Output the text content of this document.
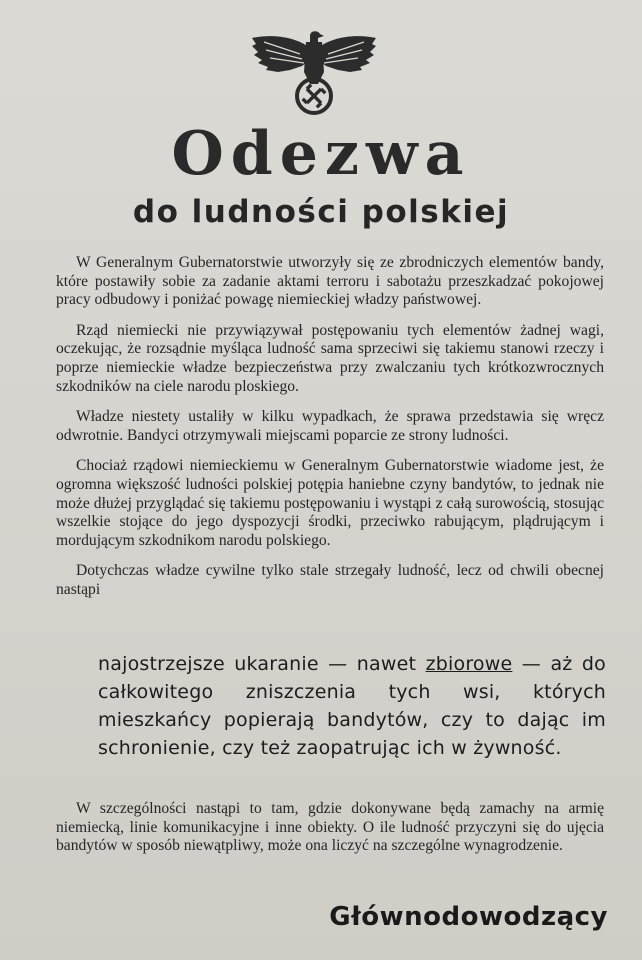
Odezwa
do ludności polskiej

W Generalnym Gubernatorstwie utworzyły się ze zbrodniczych elementów bandy, które postawiły sobie za zadanie aktami terroru i sabotażu przeszkadzać pokojowej pracy odbudowy i poniżać powagę niemieckiej władzy państwowej.

Rząd niemiecki nie przywiązywał postępowaniu tych elementów żadnej wagi, oczekując, że rozsądnie myśląca ludność sama sprzeciwi się takiemu stanowi rzeczy i poprze niemieckie władze bezpieczeństwa przy zwalczaniu tych krótkozwrocznych szkodników na ciele narodu ploskiego.

Władze niestety ustaliły w kilku wypadkach, że sprawa przedstawia się wręcz odwrotnie. Bandyci otrzymywali miejscami poparcie ze strony ludności.

Chociaż rządowi niemieckiemu w Generalnym Gubernatorstwie wiadome jest, że ogromna większość ludności polskiej potępia haniebne czyny bandytów, to jednak nie może dłużej przyglądać się takiemu postępowaniu i wystąpi z całą surowością, stosując wszelkie stojące do jego dyspozycji środki, przeciwko rabującym, plądrującym i mordującym szkodnikom narodu polskiego.

Dotychczas władze cywilne tylko stale strzegały ludność, lecz od chwili obecnej nastąpi

najostrzejsze ukaranie — nawet zbiorowe — aż do całkowitego zniszczenia tych wsi, których mieszkańcy popierają bandytów, czy to dając im schronienie, czy też zaopatrując ich w żywność.

W szczególności nastąpi to tam, gdzie dokonywane będą zamachy na armię niemiecką, linie komunikacyjne i inne obiekty. O ile ludność przyczyni się do ujęcia bandytów w sposób niewątpliwy, może ona liczyć na szczególne wynagrodzenie.

Głównodowodzący
